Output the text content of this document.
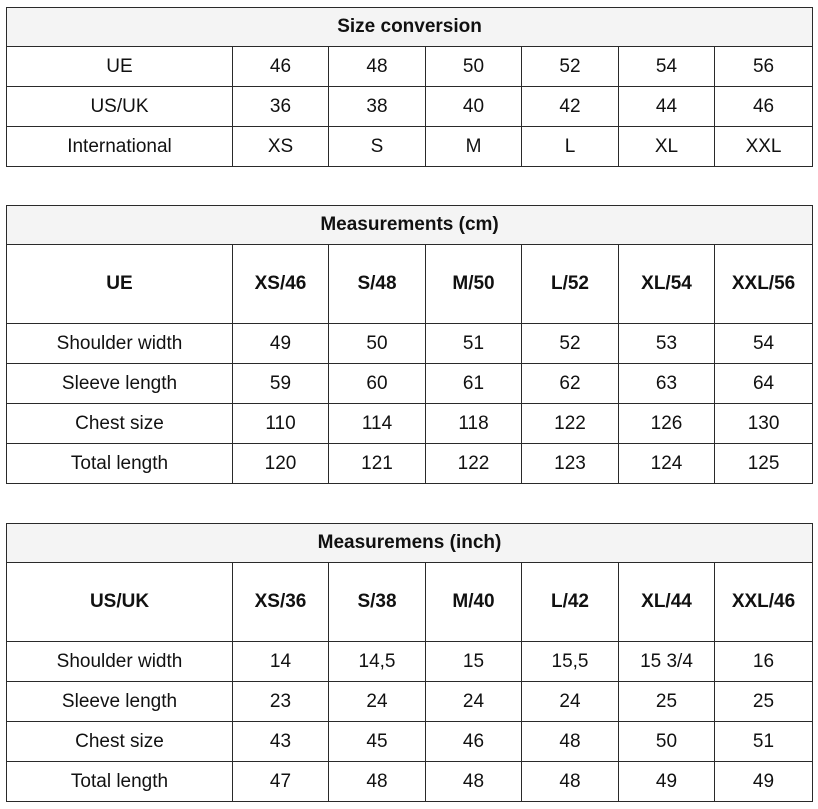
Size conversion						
UE	46	48	50	52	54	56
US/UK	36	38	40	42	44	46
International	XS	S	M	L	XL	XXL
Measurements (cm)						
UE	XS/46	S/48	M/50	L/52	XL/54	XXL/56
Shoulder width	49	50	51	52	53	54
Sleeve length	59	60	61	62	63	64
Chest size	110	114	118	122	126	130
Total length	120	121	122	123	124	125
Measuremens (inch)						
US/UK	XS/36	S/38	M/40	L/42	XL/44	XXL/46
Shoulder width	14	14,5	15	15,5	15 3/4	16
Sleeve length	23	24	24	24	25	25
Chest size	43	45	46	48	50	51
Total length	47	48	48	48	49	49
